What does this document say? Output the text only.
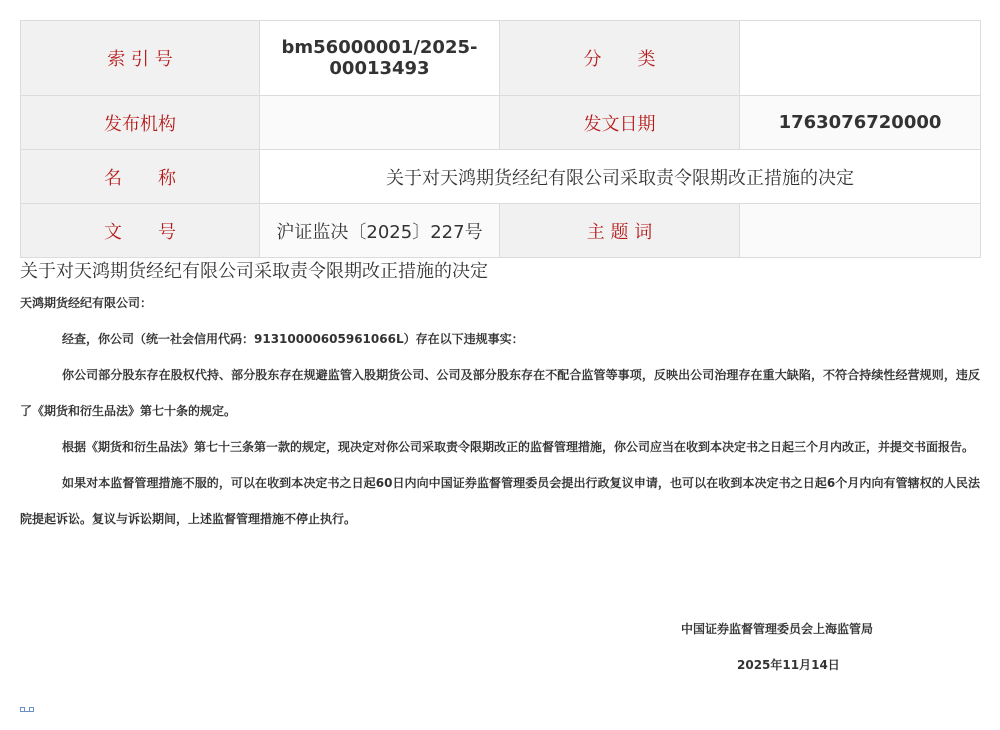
索 引 号	bm56000001/2025-00013493	分　　类	
发布机构		发文日期	1763076720000
名　　称	关于对天鸿期货经纪有限公司采取责令限期改正措施的决定		
文　　号	沪证监决〔2025〕227号	主 题 词	
关于对天鸿期货经纪有限公司采取责令限期改正措施的决定
天鸿期货经纪有限公司：

经查，你公司（统一社会信用代码：91310000605961066L）存在以下违规事实：

你公司部分股东存在股权代持、部分股东存在规避监管入股期货公司、公司及部分股东存在不配合监管等事项，反映出公司治理存在重大缺陷，不符合持续性经营规则，违反了《期货和衍生品法》第七十条的规定。

根据《期货和衍生品法》第七十三条第一款的规定，现决定对你公司采取责令限期改正的监督管理措施，你公司应当在收到本决定书之日起三个月内改正，并提交书面报告。

如果对本监督管理措施不服的，可以在收到本决定书之日起60日内向中国证券监督管理委员会提出行政复议申请，也可以在收到本决定书之日起6个月内向有管辖权的人民法院提起诉讼。复议与诉讼期间，上述监督管理措施不停止执行。

中国证券监督管理委员会上海监管局
2025年11月14日
